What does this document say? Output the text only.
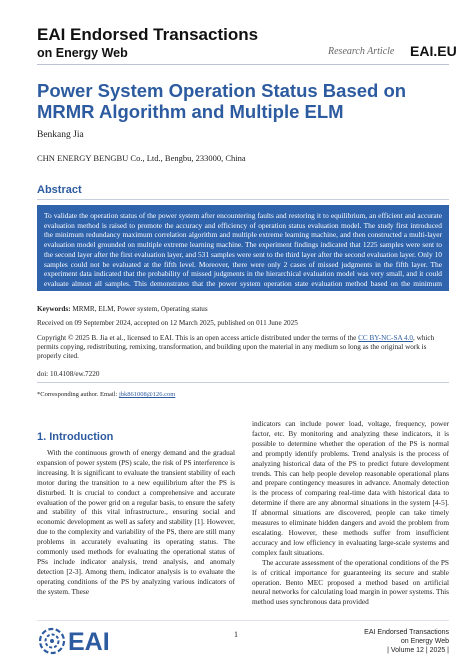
EAI Endorsed Transactions
on Energy Web	Research Article EAI.EU
Power System Operation Status Based on MRMR Algorithm and Multiple ELM
Benkang Jia
CHN ENERGY BENGBU Co., Ltd., Bengbu, 233000, China
Abstract
To validate the operation status of the power system after encountering faults and restoring it to equilibrium, an efficient and accurate evaluation method is raised to promote the accuracy and efficiency of operation status evaluation model. The study first introduced the minimum redundancy maximum correlation algorithm and multiple extreme learning machine, and then constructed a multi-layer evaluation model grounded on multiple extreme learning machine. The experiment findings indicated that 1225 samples were sent to the second layer after the first evaluation layer, and 531 samples were sent to the third layer after the second evaluation layer. Only 10 samples could not be evaluated at the fifth level. Moreover, there were only 2 cases of missed judgments in the fifth layer. The experiment data indicated that the probability of missed judgments in the hierarchical evaluation model was very small, and it could evaluate almost all samples. This demonstrates that the power system operation state evaluation method based on the minimum redundancy maximum correlation algorithm and multiple extreme learning machine proposed by the research can timely and effectively evaluate feature samples, providing strong support for the stable operation of the power system.
Keywords: MRMR, ELM, Power system, Operating status
Received on 09 September 2024, accepted on 12 March 2025, published on 011 June 2025
Copyright © 2025 B. Jia et al., licensed to EAI. This is an open access article distributed under the terms of the CC BY-NC-SA 4.0, which permits copying, redistributing, remixing, transformation, and building upon the material in any medium so long as the original work is properly cited.
doi: 10.4108/ew.7220
*Corresponding author. Email: jbk861008@126.com
1. Introduction

With the continuous growth of energy demand and the gradual expansion of power system (PS) scale, the risk of PS interference is increasing. It is significant to evaluate the transient stability of each motor during the transition to a new equilibrium after the PS is disturbed. It is crucial to conduct a comprehensive and accurate evaluation of the power grid on a regular basis, to ensure the safety and stability of this vital infrastructure., ensuring social and economic development as well as safety and stability [1]. However, due to the complexity and variability of the PS, there are still many problems in accurately evaluating its operating status. The commonly used methods for evaluating the operational status of PSs include indicator analysis, trend analysis, and anomaly detection [2-3]. Among them, indicator analysis is to evaluate the operating conditions of the PS by analyzing various indicators of the system. These

indicators can include power load, voltage, frequency, power factor, etc. By monitoring and analyzing these indicators, it is possible to determine whether the operation of the PS is normal and promptly identify problems. Trend analysis is the process of analyzing historical data of the PS to predict future development trends. This can help people develop reasonable operational plans and prepare contingency measures in advance. Anomaly detection is the process of comparing real-time data with historical data to determine if there are any abnormal situations in the system [4-5]. If abnormal situations are discovered, people can take timely measures to eliminate hidden dangers and avoid the problem from escalating. However, these methods suffer from insufficient accuracy and low efficiency in evaluating large-scale systems and complex fault situations.

The accurate assessment of the operational conditions of the PS is of critical importance for guaranteeing its secure and stable operation. Bento MEC proposed a method based on artificial neural networks for calculating load margin in power systems. This method uses synchronous data provided

EAI	1	EAI Endorsed Transactions
on Energy Web
| Volume 12 | 2025 |
